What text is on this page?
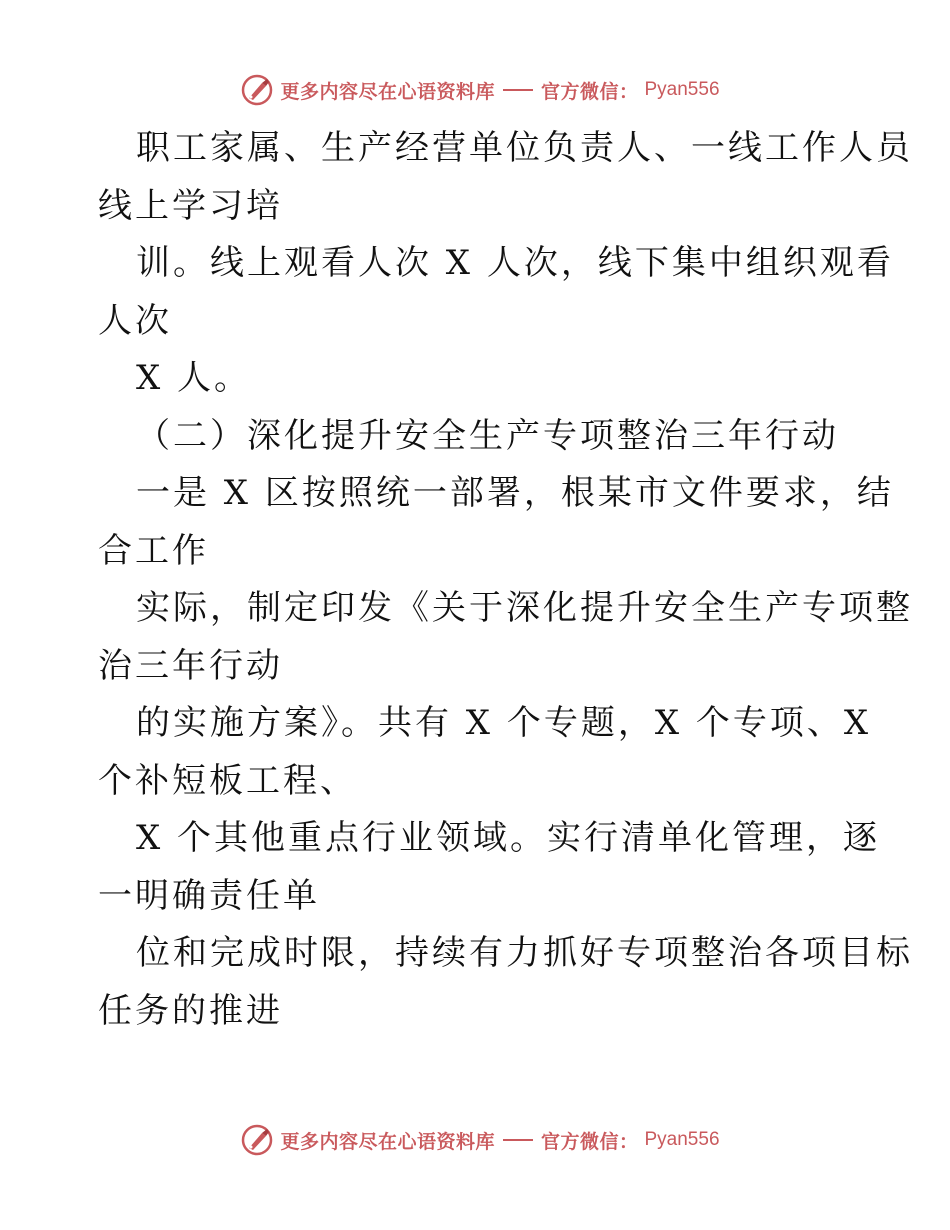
更多内容尽在心语资料库 官方微信： Pyan556
职工家属、生产经营单位负责人、一线工作人员
线上学习培
训。线上观看人次 X 人次，线下集中组织观看
人次
X 人。
（二）深化提升安全生产专项整治三年行动
一是 X 区按照统一部署，根某市文件要求，结
合工作
实际，制定印发《关于深化提升安全生产专项整
治三年行动
的实施方案》。共有 X 个专题，X 个专项、X
个补短板工程、
X 个其他重点行业领域。实行清单化管理，逐
一明确责任单
位和完成时限，持续有力抓好专项整治各项目标
任务的推进
更多内容尽在心语资料库 官方微信： Pyan556
